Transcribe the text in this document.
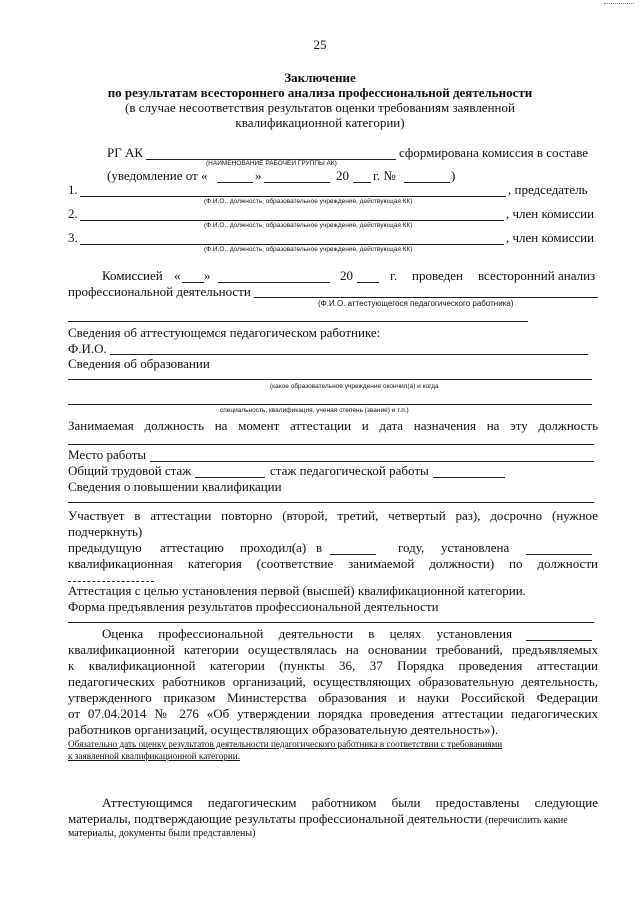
25
Заключение
по результатам всестороннего анализа профессиональной деятельности
(в случае несоответствия результатов оценки требованиям заявленной
квалификационной категории)
РГ АК	сформирована комиссия в составе
(НАИМЕНОВАНИЕ РАБОЧЕЙ ГРУППЫ АК)
(уведомление от «	»	20 г. №	)
1.	, председатель
(Ф.И.О., должность, образовательное учреждение, действующая КК)
2.	, член комиссии
(Ф.И.О., должность, образовательное учреждение, действующая КК)
3.	, член комиссии
(Ф.И.О., должность, образовательное учреждение, действующая КК)
Комиссией « »	20	г. проведен всесторонний анализ
профессиональной деятельности
(Ф.И.О. аттестующегося педагогического работника)
Сведения об аттестующемся педагогическом работнике:
Ф.И.О.
Сведения об образовании
(какое образовательное учреждение окончил(а) и когда
специальность, квалификация, ученая степень (звание) и т.п.)
Занимаемая должность на момент аттестации и дата назначения на эту должность
Место работы
Общий трудовой стаж	стаж педагогической работы
Сведения о повышении квалификации
Участвует в аттестации повторно (второй, третий, четвертый раз), досрочно (нужное
подчеркнуть)
предыдущую аттестацию проходил(а) в	году, установлена
квалификационная категория (соответствие занимаемой должности) по должности
Аттестация с целью установления первой (высшей) квалификационной категории.
Форма предъявления результатов профессиональной деятельности
Оценка профессиональной деятельности в целях установления
квалификационной категории осуществлялась на основании требований, предъявляемых
к квалификационной категории (пункты 36, 37 Порядка проведения аттестации
педагогических работников организаций, осуществляющих образовательную деятельность,
утвержденного приказом Министерства образования и науки Российской Федерации
от 07.04.2014 № 276 «Об утверждении порядка проведения аттестации педагогических
работников организаций, осуществляющих образовательную деятельность»).
Обязательно дать оценку результатов деятельности педагогического работника в соответствии с требованиями
к заявленной квалификационной категории.
Аттестующимся педагогическим работником были предоставлены следующие
материалы, подтверждающие результаты профессиональной деятельности (перечислить какие
материалы, документы были представлены)
